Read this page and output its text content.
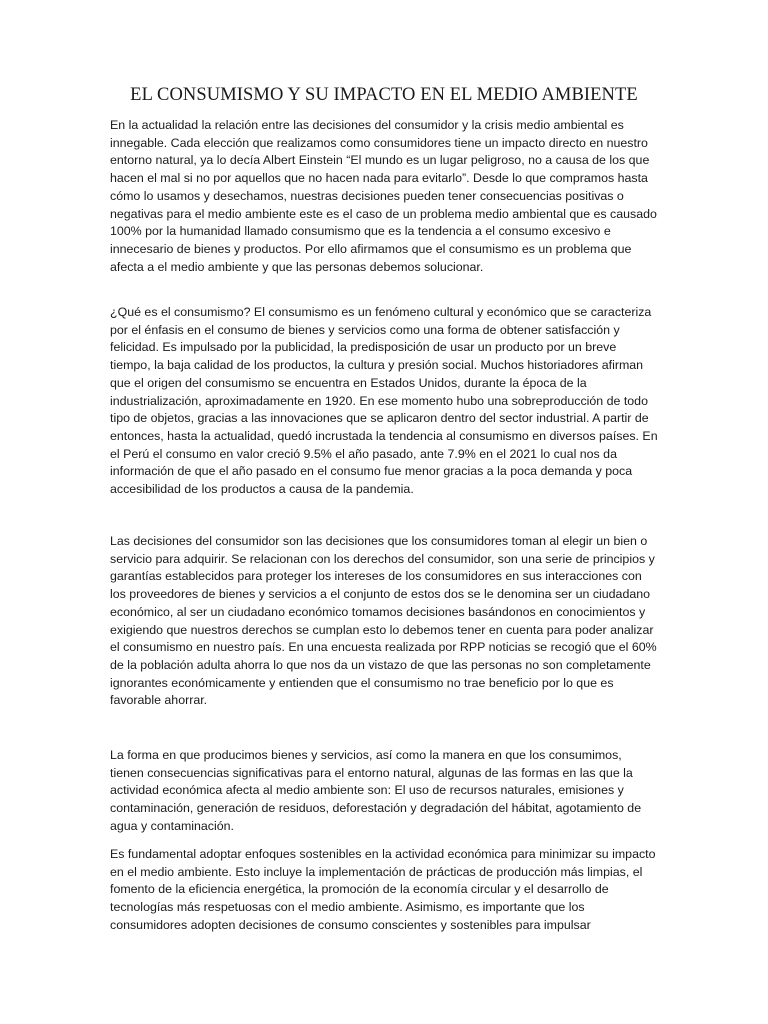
EL CONSUMISMO Y SU IMPACTO EN EL MEDIO AMBIENTE

En la actualidad la relación entre las decisiones del consumidor y la crisis medio ambiental es innegable. Cada elección que realizamos como consumidores tiene un impacto directo en nuestro entorno natural, ya lo decía Albert Einstein “El mundo es un lugar peligroso, no a causa de los que hacen el mal si no por aquellos que no hacen nada para evitarlo”. Desde lo que compramos hasta cómo lo usamos y desechamos, nuestras decisiones pueden tener consecuencias positivas o negativas para el medio ambiente este es el caso de un problema medio ambiental que es causado 100% por la humanidad llamado consumismo que es la tendencia a el consumo excesivo e innecesario de bienes y productos. Por ello afirmamos que el consumismo es un problema que afecta a el medio ambiente y que las personas debemos solucionar.

¿Qué es el consumismo? El consumismo es un fenómeno cultural y económico que se caracteriza por el énfasis en el consumo de bienes y servicios como una forma de obtener satisfacción y felicidad. Es impulsado por la publicidad, la predisposición de usar un producto por un breve tiempo, la baja calidad de los productos, la cultura y presión social. Muchos historiadores afirman que el origen del consumismo se encuentra en Estados Unidos, durante la época de la industrialización, aproximadamente en 1920. En ese momento hubo una sobreproducción de todo tipo de objetos, gracias a las innovaciones que se aplicaron dentro del sector industrial. A partir de entonces, hasta la actualidad, quedó incrustada la tendencia al consumismo en diversos países. En el Perú el consumo en valor creció 9.5% el año pasado, ante 7.9% en el 2021 lo cual nos da información de que el año pasado en el consumo fue menor gracias a la poca demanda y poca accesibilidad de los productos a causa de la pandemia.

Las decisiones del consumidor son las decisiones que los consumidores toman al elegir un bien o servicio para adquirir. Se relacionan con los derechos del consumidor, son una serie de principios y garantías establecidos para proteger los intereses de los consumidores en sus interacciones con los proveedores de bienes y servicios a el conjunto de estos dos se le denomina ser un ciudadano económico, al ser un ciudadano económico tomamos decisiones basándonos en conocimientos y exigiendo que nuestros derechos se cumplan esto lo debemos tener en cuenta para poder analizar el consumismo en nuestro país. En una encuesta realizada por RPP noticias se recogió que el 60% de la población adulta ahorra lo que nos da un vistazo de que las personas no son completamente ignorantes económicamente y entienden que el consumismo no trae beneficio por lo que es favorable ahorrar.

La forma en que producimos bienes y servicios, así como la manera en que los consumimos, tienen consecuencias significativas para el entorno natural, algunas de las formas en las que la actividad económica afecta al medio ambiente son: El uso de recursos naturales, emisiones y contaminación, generación de residuos, deforestación y degradación del hábitat, agotamiento de agua y contaminación.

Es fundamental adoptar enfoques sostenibles en la actividad económica para minimizar su impacto en el medio ambiente. Esto incluye la implementación de prácticas de producción más limpias, el fomento de la eficiencia energética, la promoción de la economía circular y el desarrollo de tecnologías más respetuosas con el medio ambiente. Asimismo, es importante que los consumidores adopten decisiones de consumo conscientes y sostenibles para impulsar
